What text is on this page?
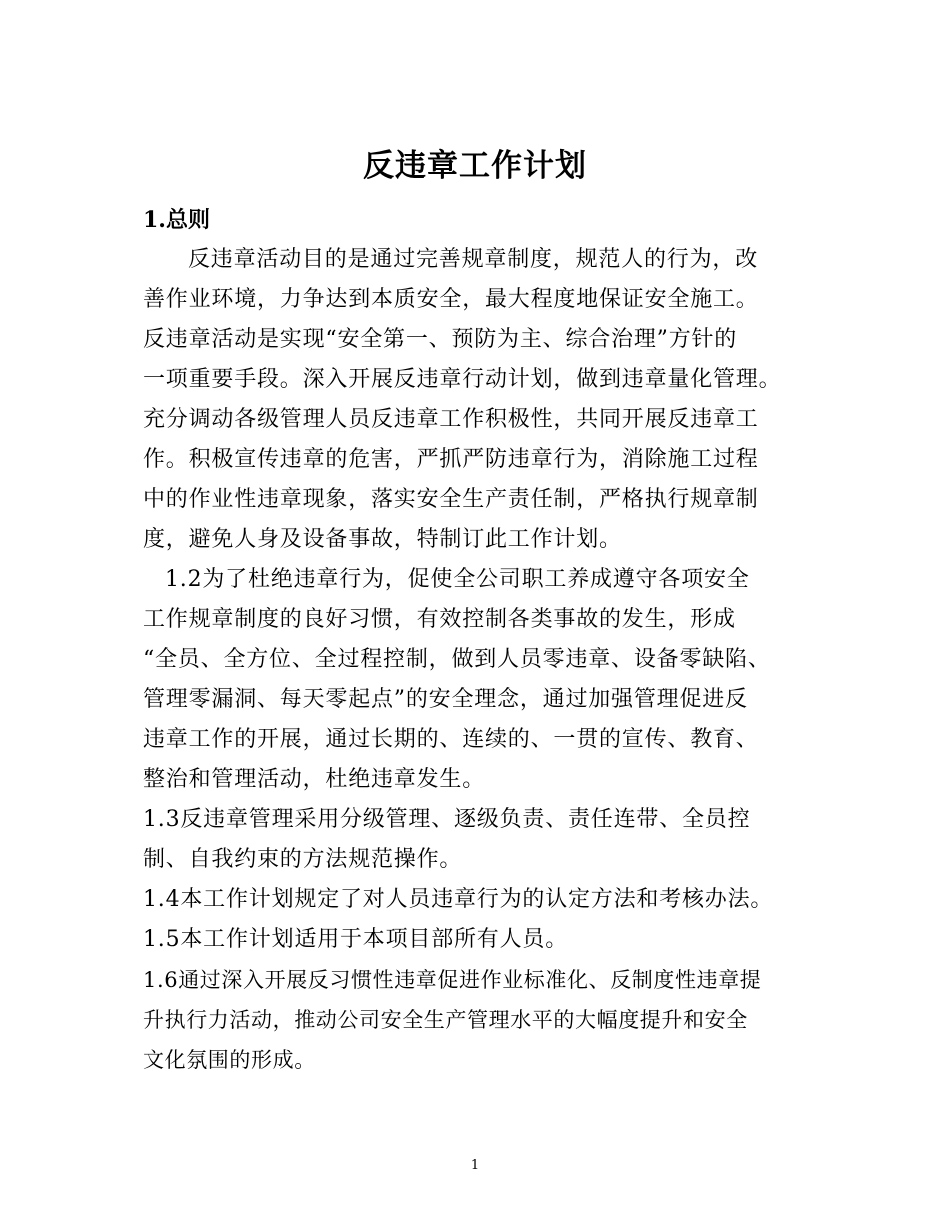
反违章工作计划
1.总则
反违章活动目的是通过完善规章制度，规范人的行为，改
善作业环境，力争达到本质安全，最大程度地保证安全施工。
反违章活动是实现“安全第一、预防为主、综合治理”方针的
一项重要手段。深入开展反违章行动计划，做到违章量化管理。
充分调动各级管理人员反违章工作积极性，共同开展反违章工
作。积极宣传违章的危害，严抓严防违章行为，消除施工过程
中的作业性违章现象，落实安全生产责任制，严格执行规章制
度，避免人身及设备事故，特制订此工作计划。
1.2为了杜绝违章行为，促使全公司职工养成遵守各项安全
工作规章制度的良好习惯，有效控制各类事故的发生，形成
“全员、全方位、全过程控制，做到人员零违章、设备零缺陷、
管理零漏洞、每天零起点”的安全理念，通过加强管理促进反
违章工作的开展，通过长期的、连续的、一贯的宣传、教育、
整治和管理活动，杜绝违章发生。
1.3反违章管理采用分级管理、逐级负责、责任连带、全员控
制、自我约束的方法规范操作。
1.4本工作计划规定了对人员违章行为的认定方法和考核办法。
1.5本工作计划适用于本项目部所有人员。
1.6通过深入开展反习惯性违章促进作业标准化、反制度性违章提
升执行力活动，推动公司安全生产管理水平的大幅度提升和安全
文化氛围的形成。
1
